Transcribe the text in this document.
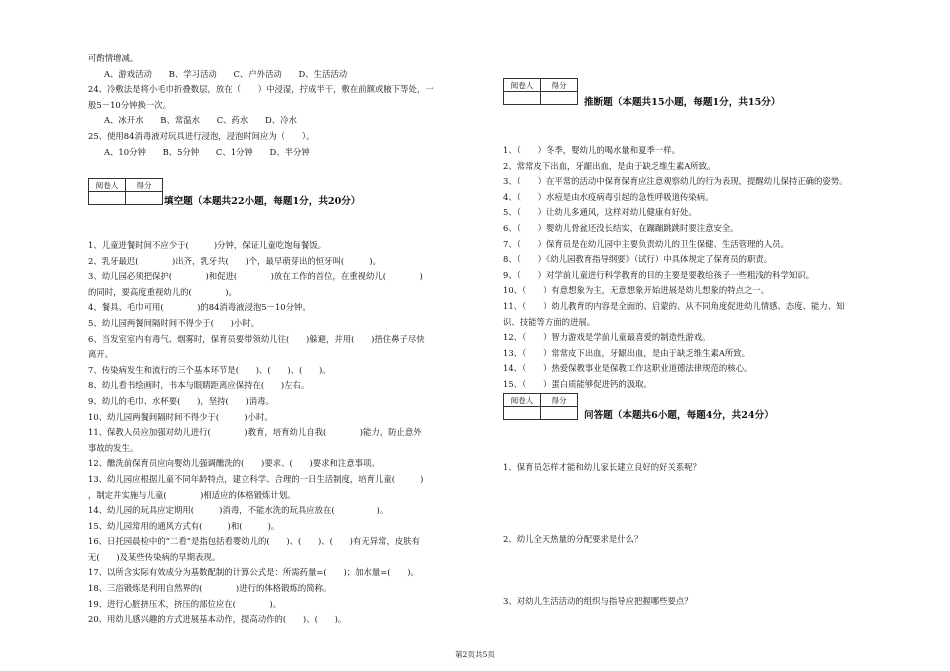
可酌情增减。
A、游戏活动　　B、学习活动　　C、户外活动　　D、生活活动
24、冷敷法是将小毛巾折叠数层，放在（　　）中浸湿，拧成半干，敷在前额或腋下等处，一
般5－10分钟换一次。
A、冰开水　　B、常温水　　C、药水　　D、冷水
25、使用84消毒液对玩具进行浸泡，浸泡时间应为（　　）。
A、10分钟　　B、5分钟　　C、1分钟　　D、半分钟
1、儿童进餐时间不应少于(　　　)分钟，保证儿童吃饱每餐饭。
2、乳牙最迟(　　　　)出齐，乳牙共(　　)个，最早萌芽出的恒牙叫(　　　)。
3、幼儿园必须把保护(　　　　)和促进(　　　　)放在工作的首位，在重视幼儿(　　　　)
的同时，要高度重视幼儿的(　　　　)。
4、餐具、毛巾可用(　　　　)的84消毒液浸泡5－10分钟。
5、幼儿园两餐间隔时间不得少于(　　)小时。
6、当发室室内有毒气、烟雾时，保育员要带领幼儿往(　　)躲避，并用(　　)捂住鼻子尽快
离开。
7、传染病发生和流行的三个基本环节是(　　)、(　　)、(　　)。
8、幼儿看书绘画时，书本与眼睛距离应保持在(　　)左右。
9、幼儿的毛巾、水杯要(　　)，坚持(　　)消毒。
10、幼儿园两餐间隔时间不得少于(　　　)小时。
11、保教人员应加强对幼儿进行(　　　　)教育，培育幼儿自我(　　　　)能力，防止意外
事故的发生。
12、醮洗前保育员应向婴幼儿强调醮洗的(　　)要求、(　　)要求和注意事项。
13、幼儿园应根据儿童不同年龄特点，建立科学、合理的一日生活制度，培育儿童(　　　)
，制定并实施与儿童(　　　　)相适应的体格锻炼计划。
14、幼儿园的玩具应定期用(　　　)消毒，不能水洗的玩具应放在(　　　　　)。
15、幼儿园常用的通风方式有(　　　)和(　　　)。
16、日托园晨检中的“二看”是指包括看婴幼儿的(　　)、(　　)、(　　)有无异常，皮肤有
无(　　)及某些传染病的早期表现。
17、以所含实际有效成分为基数配制的计算公式是：所需药量=(　　)；加水量=(　　)。
18、三浴锻炼是利用自然界的(　　　　)进行的体格锻炼的简称。
19、进行心脏挤压术，挤压的部位应在(　　　　)。
20、用幼儿感兴趣的方式进展基本动作，提高动作的(　　)、(　　)。
阅卷人	得分

填空题（本题共22小题，每题1分，共20分）
阅卷人	得分

推断题（本题共15小题，每题1分，共15分）
1、（　　）冬季，婴幼儿的喝水量和夏季一样。
2、常常皮下出血，牙龈出血，是由于缺乏维生素A所致。
3、（　　）在平常的活动中保育保育应注意观察幼儿的行为表现，提醒幼儿保持正确的姿势。
4、（　　）水痘是由水疫病毒引起的急性呼吸道传染病。
5、（　　）让幼儿多通风，这样对幼儿健康有好处。
6、（　　）婴幼儿骨盆还没长结实，在蹦蹦跳跳时要注意安全。
7、（　　）保育员是在幼儿园中主要负责幼儿的卫生保健、生活管理的人员。
8、（　　）《幼儿园教育指导纲要》（试行）中具体规定了保育员的职责。
9、（　　）对学前儿童进行科学教育的目的主要是要教给孩子一些粗浅的科学知识。
10、（　　）有意想象为主，无意想象开始进展是幼儿想象的特点之一。
11、（　　）幼儿教育的内容是全面的、启蒙的、从不同角度促进幼儿情感、态度、能力、知
识、技能等方面的进展。
12、（　　）智力游戏是学前儿童最喜爱的制造性游戏。
13、（　　）常常皮下出血，牙龈出血，是由于缺乏维生素A所致。
14、（　　）热爱保教事业是保教工作这职业道德法律规范的核心。
15、（　　）蛋白质能够促进钙的汲取。
阅卷人	得分

问答题（本题共6小题，每题4分，共24分）
1、保育员怎样才能和幼儿家长建立良好的好关系呢？
2、幼儿全天热量的分配要求是什么？
3、对幼儿生活活动的组织与指导应把握哪些要点？
第2页共5页
